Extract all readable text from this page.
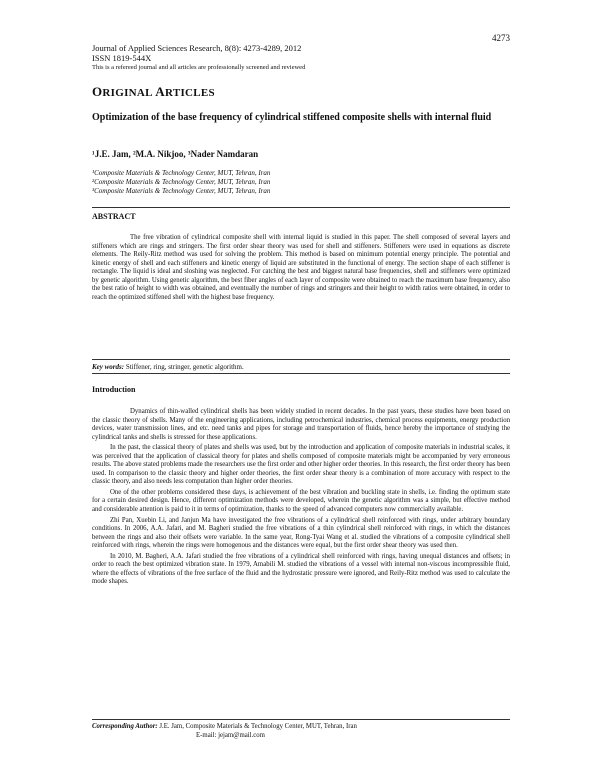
4273
Journal of Applied Sciences Research, 8(8): 4273-4289, 2012
ISSN 1819-544X
This is a refereed journal and all articles are professionally screened and reviewed
ORIGINAL ARTICLES
Optimization of the base frequency of cylindrical stiffened composite shells with internal fluid
¹J.E. Jam, ²M.A. Nikjoo, ³Nader Namdaran
¹Composite Materials & Technology Center, MUT, Tehran, Iran
²Composite Materials & Technology Center, MUT, Tehran, Iran
³Composite Materials & Technology Center, MUT, Tehran, Iran
ABSTRACT
The free vibration of cylindrical composite shell with internal liquid is studied in this paper. The shell composed of several layers and stiffeners which are rings and stringers. The first order shear theory was used for shell and stiffeners. Stiffeners were used in equations as discrete elements. The Reily-Ritz method was used for solving the problem. This method is based on minimum potential energy principle. The potential and kinetic energy of shell and each stiffeners and kinetic energy of liquid are substituted in the functional of energy. The section shape of each stiffener is rectangle. The liquid is ideal and sloshing was neglected. For catching the best and biggest natural base frequencies, shell and stiffeners were optimized by genetic algorithm. Using genetic algorithm, the best fiber angles of each layer of composite were obtained to reach the maximum base frequency, also the best ratio of height to width was obtained, and eventually the number of rings and stringers and their height to width ratios were obtained, in order to reach the optimized stiffened shell with the highest base frequency.
Key words: Stiffener, ring, stringer, genetic algorithm.
Introduction

Dynamics of thin-walled cylindrical shells has been widely studied in recent decades. In the past years, these studies have been based on the classic theory of shells. Many of the engineering applications, including petrochemical industries, chemical process equipments, energy production devices, water transmission lines, and etc. need tanks and pipes for storage and transportation of fluids, hence hereby the importance of studying the cylindrical tanks and shells is stressed for these applications.

In the past, the classical theory of plates and shells was used, but by the introduction and application of composite materials in industrial scales, it was perceived that the application of classical theory for plates and shells composed of composite materials might be accompanied by very erroneous results. The above stated problems made the researchers use the first order and other higher order theories. In this research, the first order theory has been used. In comparison to the classic theory and higher order theories, the first order shear theory is a combination of more accuracy with respect to the classic theory, and also needs less computation than higher order theories.

One of the other problems considered these days, is achievement of the best vibration and buckling state in shells, i.e. finding the optimum state for a certain desired design. Hence, different optimization methods were developed, wherein the genetic algorithm was a simple, but effective method and considerable attention is paid to it in terms of optimization, thanks to the speed of advanced computers now commercially available.

Zhi Pan, Xuebin Li, and Janjun Ma have investigated the free vibrations of a cylindrical shell reinforced with rings, under arbitrary boundary conditions. In 2006, A.A. Jafari, and M. Bagheri studied the free vibrations of a thin cylindrical shell reinforced with rings, in which the distances between the rings and also their offsets were variable. In the same year, Rong-Tyai Wang et al. studied the vibrations of a composite cylindrical shell reinforced with rings, wherein the rings were homogenous and the distances were equal, but the first order shear theory was used then.

In 2010, M. Bagheri, A.A. Jafari studied the free vibrations of a cylindrical shell reinforced with rings, having unequal distances and offsets; in order to reach the best optimized vibration state. In 1979, Amabili M. studied the vibrations of a vessel with internal non-viscous incompressible fluid, where the effects of vibrations of the free surface of the fluid and the hydrostatic pressure were ignored, and Reily-Ritz method was used to calculate the mode shapes.

Corresponding Author: J.E. Jam, Composite Materials & Technology Center, MUT, Tehran, Iran
E-mail: jejam@mail.com
